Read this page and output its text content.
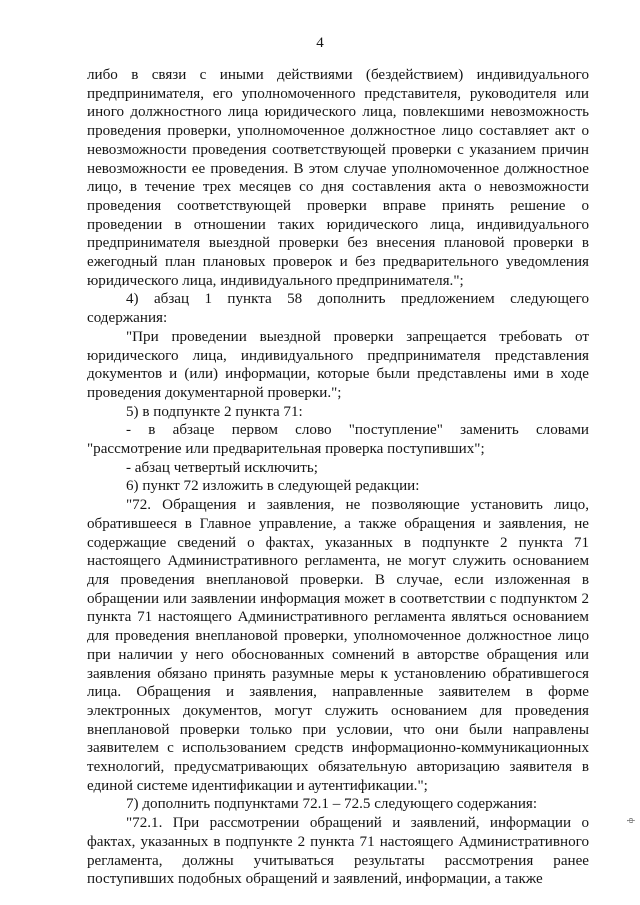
4

либо в связи с иными действиями (бездействием) индивидуального предпринимателя, его уполномоченного представителя, руководителя или иного должностного лица юридического лица, повлекшими невозможность проведения проверки, уполномоченное должностное лицо составляет акт о невозможности проведения соответствующей проверки с указанием причин невозможности ее проведения. В этом случае уполномоченное должностное лицо, в течение трех месяцев со дня составления акта о невозможности проведения соответствующей проверки вправе принять решение о проведении в отношении таких юридического лица, индивидуального предпринимателя выездной проверки без внесения плановой проверки в ежегодный план плановых проверок и без предварительного уведомления юридического лица, индивидуального предпринимателя.";

4) абзац 1 пункта 58 дополнить предложением следующего содержания:

"При проведении выездной проверки запрещается требовать от юридического лица, индивидуального предпринимателя представления документов и (или) информации, которые были представлены ими в ходе проведения документарной проверки.";

5) в подпункте 2 пункта 71:

- в абзаце первом слово "поступление" заменить словами "рассмотрение или предварительная проверка поступивших";

- абзац четвертый исключить;

6) пункт 72 изложить в следующей редакции:

"72. Обращения и заявления, не позволяющие установить лицо, обратившееся в Главное управление, а также обращения и заявления, не содержащие сведений о фактах, указанных в подпункте 2 пункта 71 настоящего Административного регламента, не могут служить основанием для проведения внеплановой проверки. В случае, если изложенная в обращении или заявлении информация может в соответствии с подпунктом 2 пункта 71 настоящего Административного регламента являться основанием для проведения внеплановой проверки, уполномоченное должностное лицо при наличии у него обоснованных сомнений в авторстве обращения или заявления обязано принять разумные меры к установлению обратившегося лица. Обращения и заявления, направленные заявителем в форме электронных документов, могут служить основанием для проведения внеплановой проверки только при условии, что они были направлены заявителем с использованием средств информационно-коммуникационных технологий, предусматривающих обязательную авторизацию заявителя в единой системе идентификации и аутентификации.";

7) дополнить подпунктами 72.1 – 72.5 следующего содержания:

"72.1. При рассмотрении обращений и заявлений, информации о фактах, указанных в подпункте 2 пункта 71 настоящего Административного регламента, должны учитываться результаты рассмотрения ранее поступивших подобных обращений и заявлений, информации, а также

ф
